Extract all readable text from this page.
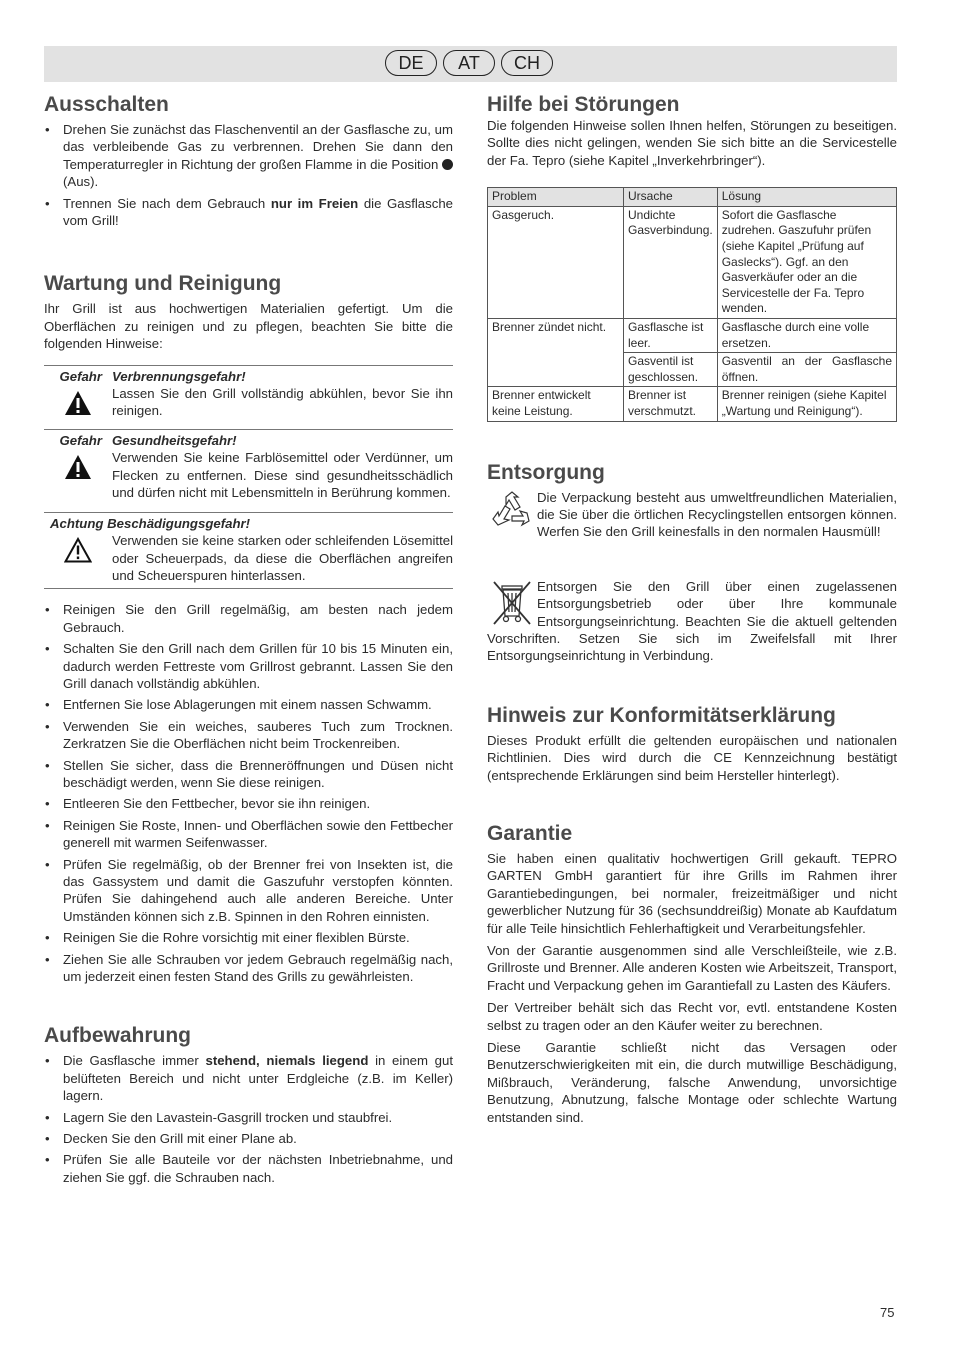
DE	AT	CH
Ausschalten
• Drehen Sie zunächst das Flaschenventil an der Gasflasche zu, um das verbleibende Gas zu verbrennen. Drehen Sie dann den Temperaturregler in Richtung der großen Flamme in die Position  (Aus).
• Trennen Sie nach dem Gebrauch nur im Freien die Gasflasche vom Grill!
Wartung und Reinigung

Ihr Grill ist aus hochwertigen Materialien gefertigt. Um die Oberflächen zu reinigen und zu pflegen, beachten Sie bitte die folgenden Hinweise:

Gefahr Verbrennungsgefahr!

Lassen Sie den Grill vollständig abkühlen, bevor Sie ihn reinigen.

Gefahr Gesundheitsgefahr!

Verwenden Sie keine Farblösemittel oder Verdünner, um Flecken zu entfernen. Diese sind gesundheitsschädlich und dürfen nicht mit Lebensmitteln in Berührung kommen.

Achtung Beschädigungsgefahr!

Verwenden sie keine starken oder schleifenden Lösemittel oder Scheuerpads, da diese die Oberflächen angreifen und Scheuerspuren hinterlassen.

• Reinigen Sie den Grill regelmäßig, am besten nach jedem Gebrauch.
• Schalten Sie den Grill nach dem Grillen für 10 bis 15 Minuten ein, dadurch werden Fettreste vom Grillrost gebrannt. Lassen Sie den Grill danach vollständig abkühlen.
• Entfernen Sie lose Ablagerungen mit einem nassen Schwamm.
• Verwenden Sie ein weiches, sauberes Tuch zum Trocknen. Zerkratzen Sie die Oberflächen nicht beim Trockenreiben.
• Stellen Sie sicher, dass die Brenneröffnungen und Düsen nicht beschädigt werden, wenn Sie diese reinigen.
• Entleeren Sie den Fettbecher, bevor sie ihn reinigen.
• Reinigen Sie Roste, Innen- und Oberflächen sowie den Fettbecher generell mit warmen Seifenwasser.
• Prüfen Sie regelmäßig, ob der Brenner frei von Insekten ist, die das Gassystem und damit die Gaszufuhr verstopfen könnten. Prüfen Sie dahingehend auch alle anderen Bereiche. Unter Umständen können sich z.B. Spinnen in den Rohren einnisten.
• Reinigen Sie die Rohre vorsichtig mit einer flexiblen Bürste.
• Ziehen Sie alle Schrauben vor jedem Gebrauch regelmäßig nach, um jederzeit einen festen Stand des Grills zu gewährleisten.
Aufbewahrung
• Die Gasflasche immer stehend, niemals liegend in einem gut belüfteten Bereich und nicht unter Erdgleiche (z.B. im Keller) lagern.
• Lagern Sie den Lavastein-Gasgrill trocken und staubfrei.
• Decken Sie den Grill mit einer Plane ab.
• Prüfen Sie alle Bauteile vor der nächsten Inbetriebnahme, und ziehen Sie ggf. die Schrauben nach.
Hilfe bei Störungen

Die folgenden Hinweise sollen Ihnen helfen, Störungen zu beseitigen. Sollte dies nicht gelingen, wenden Sie sich bitte an die Servicestelle der Fa. Tepro (siehe Kapitel „Inverkehrbringer“).

Problem	Ursache	Lösung
Gasgeruch.	Undichte Gasverbindung.	Sofort die Gasflasche zudrehen. Gaszufuhr prüfen (siehe Kapitel „Prüfung auf Gaslecks“). Ggf. an den Gasverkäufer oder an die Servicestelle der Fa. Tepro wenden.
Brenner zündet nicht.	Gasflasche ist leer.	Gasflasche durch eine volle ersetzen.
	Gasventil ist geschlossen.	Gasventil an der Gasflasche öffnen.
Brenner entwickelt keine Leistung.	Brenner ist verschmutzt.	Brenner reinigen (siehe Kapitel „Wartung und Reinigung“).
Entsorgung

Die Verpackung besteht aus umweltfreundlichen Materialien, die Sie über die örtlichen Recyclingstellen entsorgen können. Werfen Sie den Grill keinesfalls in den normalen Hausmüll!

Entsorgen Sie den Grill über einen zugelassenen Entsorgungsbetrieb oder über Ihre kommunale Entsorgungseinrichtung. Beachten Sie die aktuell geltenden Vorschriften. Setzen Sie sich im Zweifelsfall mit Ihrer Entsorgungseinrichtung in Verbindung.

Hinweis zur Konformitätserklärung

Dieses Produkt erfüllt die geltenden europäischen und nationalen Richtlinien. Dies wird durch die CE Kennzeichnung bestätigt (entsprechende Erklärungen sind beim Hersteller hinterlegt).

Garantie

Sie haben einen qualitativ hochwertigen Grill gekauft. TEPRO GARTEN GmbH garantiert für ihre Grills im Rahmen ihrer Garantiebedingungen, bei normaler, freizeitmäßiger und nicht gewerblicher Nutzung für 36 (sechsunddreißig) Monate ab Kaufdatum für alle Teile hinsichtlich Fehlerhaftigkeit und Verarbeitungsfehler.

Von der Garantie ausgenommen sind alle Verschleißteile, wie z.B. Grillroste und Brenner. Alle anderen Kosten wie Arbeitszeit, Transport, Fracht und Verpackung gehen im Garantiefall zu Lasten des Käufers.

Der Vertreiber behält sich das Recht vor, evtl. entstandene Kosten selbst zu tragen oder an den Käufer weiter zu berechnen.

Diese Garantie schließt nicht das Versagen oder Benutzerschwierigkeiten mit ein, die durch mutwillige Beschädigung, Mißbrauch, Veränderung, falsche Anwendung, unvorsichtige Benutzung, Abnutzung, falsche Montage oder schlechte Wartung entstanden sind.

75
